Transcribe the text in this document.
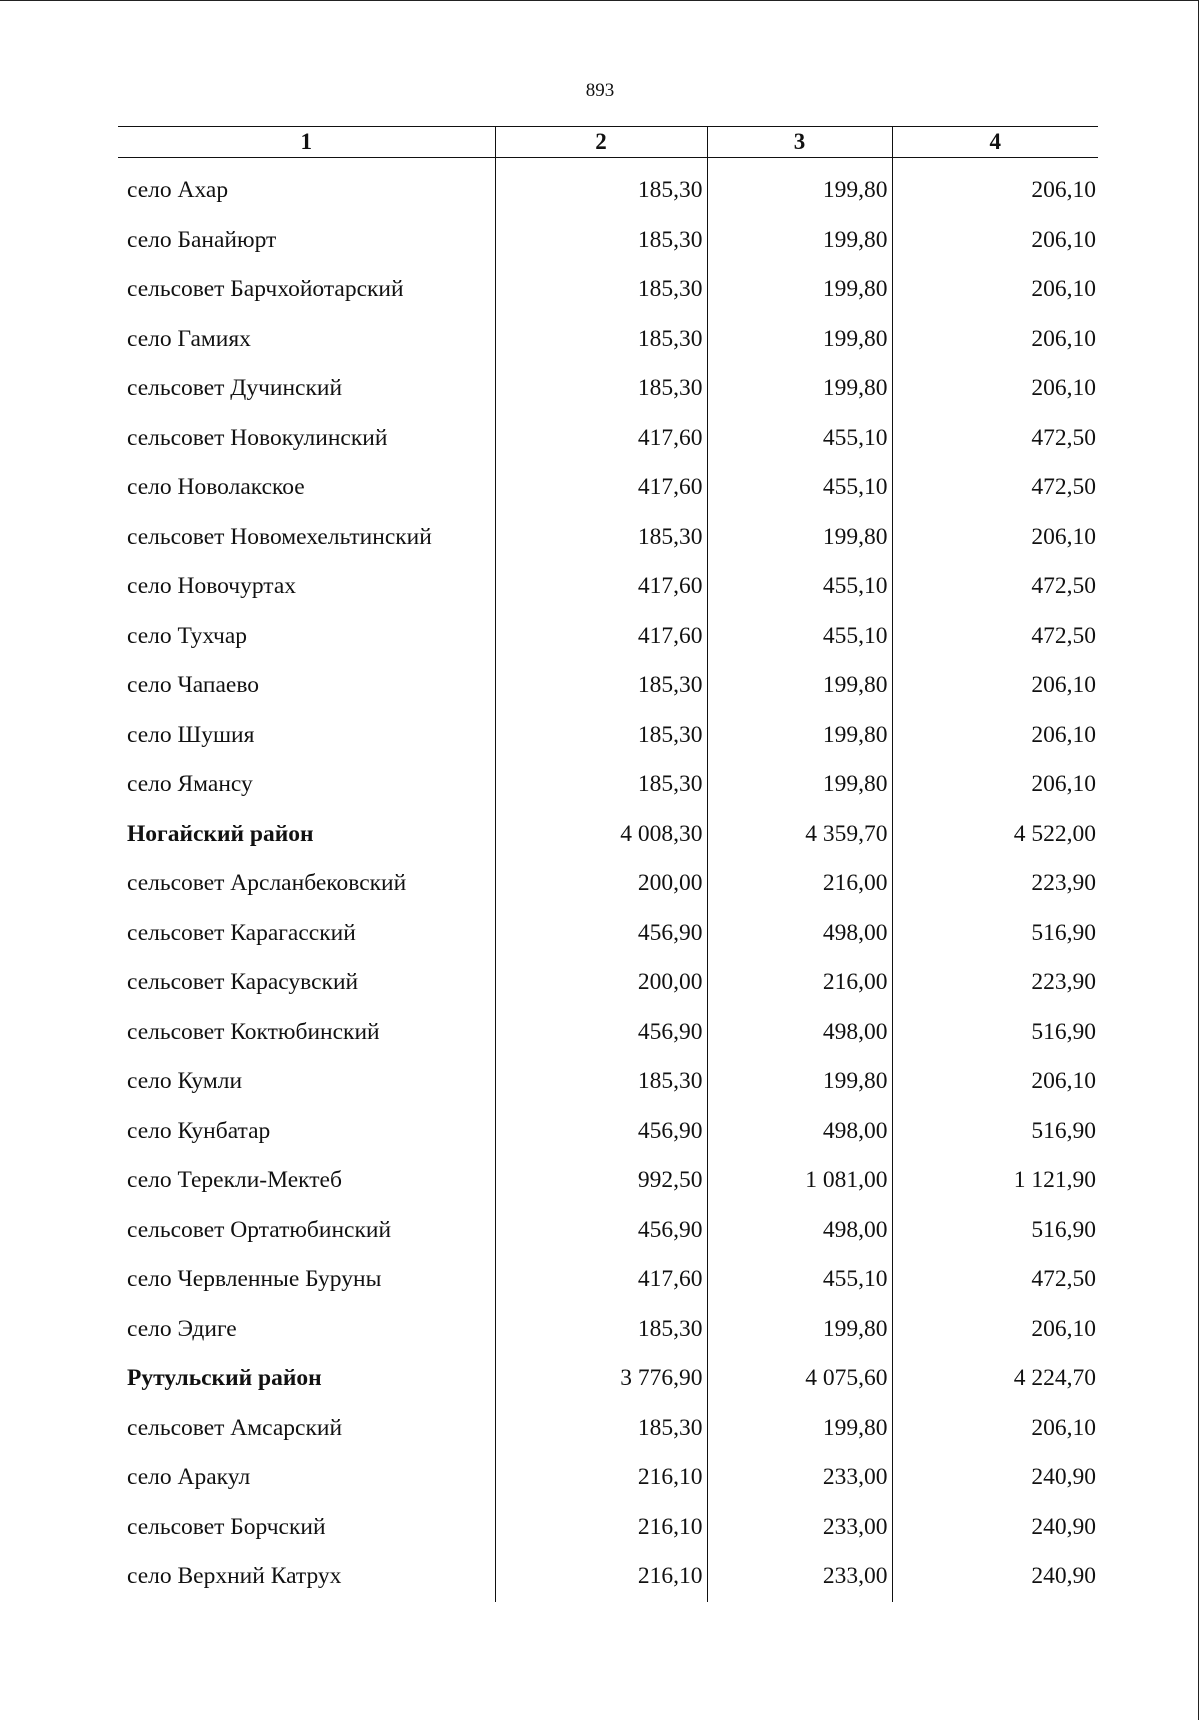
893
1	2	3	4
село Ахар	185,30	199,80	206,10
село Банайюрт	185,30	199,80	206,10
сельсовет Барчхойотарский	185,30	199,80	206,10
село Гамиях	185,30	199,80	206,10
сельсовет Дучинский	185,30	199,80	206,10
сельсовет Новокулинский	417,60	455,10	472,50
село Новолакское	417,60	455,10	472,50
сельсовет Новомехельтинский	185,30	199,80	206,10
село Новочуртах	417,60	455,10	472,50
село Тухчар	417,60	455,10	472,50
село Чапаево	185,30	199,80	206,10
село Шушия	185,30	199,80	206,10
село Ямансу	185,30	199,80	206,10
Ногайский район	4 008,30	4 359,70	4 522,00
сельсовет Арсланбековский	200,00	216,00	223,90
сельсовет Карагасский	456,90	498,00	516,90
сельсовет Карасувский	200,00	216,00	223,90
сельсовет Коктюбинский	456,90	498,00	516,90
село Кумли	185,30	199,80	206,10
село Кунбатар	456,90	498,00	516,90
село Терекли-Мектеб	992,50	1 081,00	1 121,90
сельсовет Ортатюбинский	456,90	498,00	516,90
село Червленные Буруны	417,60	455,10	472,50
село Эдиге	185,30	199,80	206,10
Рутульский район	3 776,90	4 075,60	4 224,70
сельсовет Амсарский	185,30	199,80	206,10
село Аракул	216,10	233,00	240,90
сельсовет Борчский	216,10	233,00	240,90
село Верхний Катрух	216,10	233,00	240,90
